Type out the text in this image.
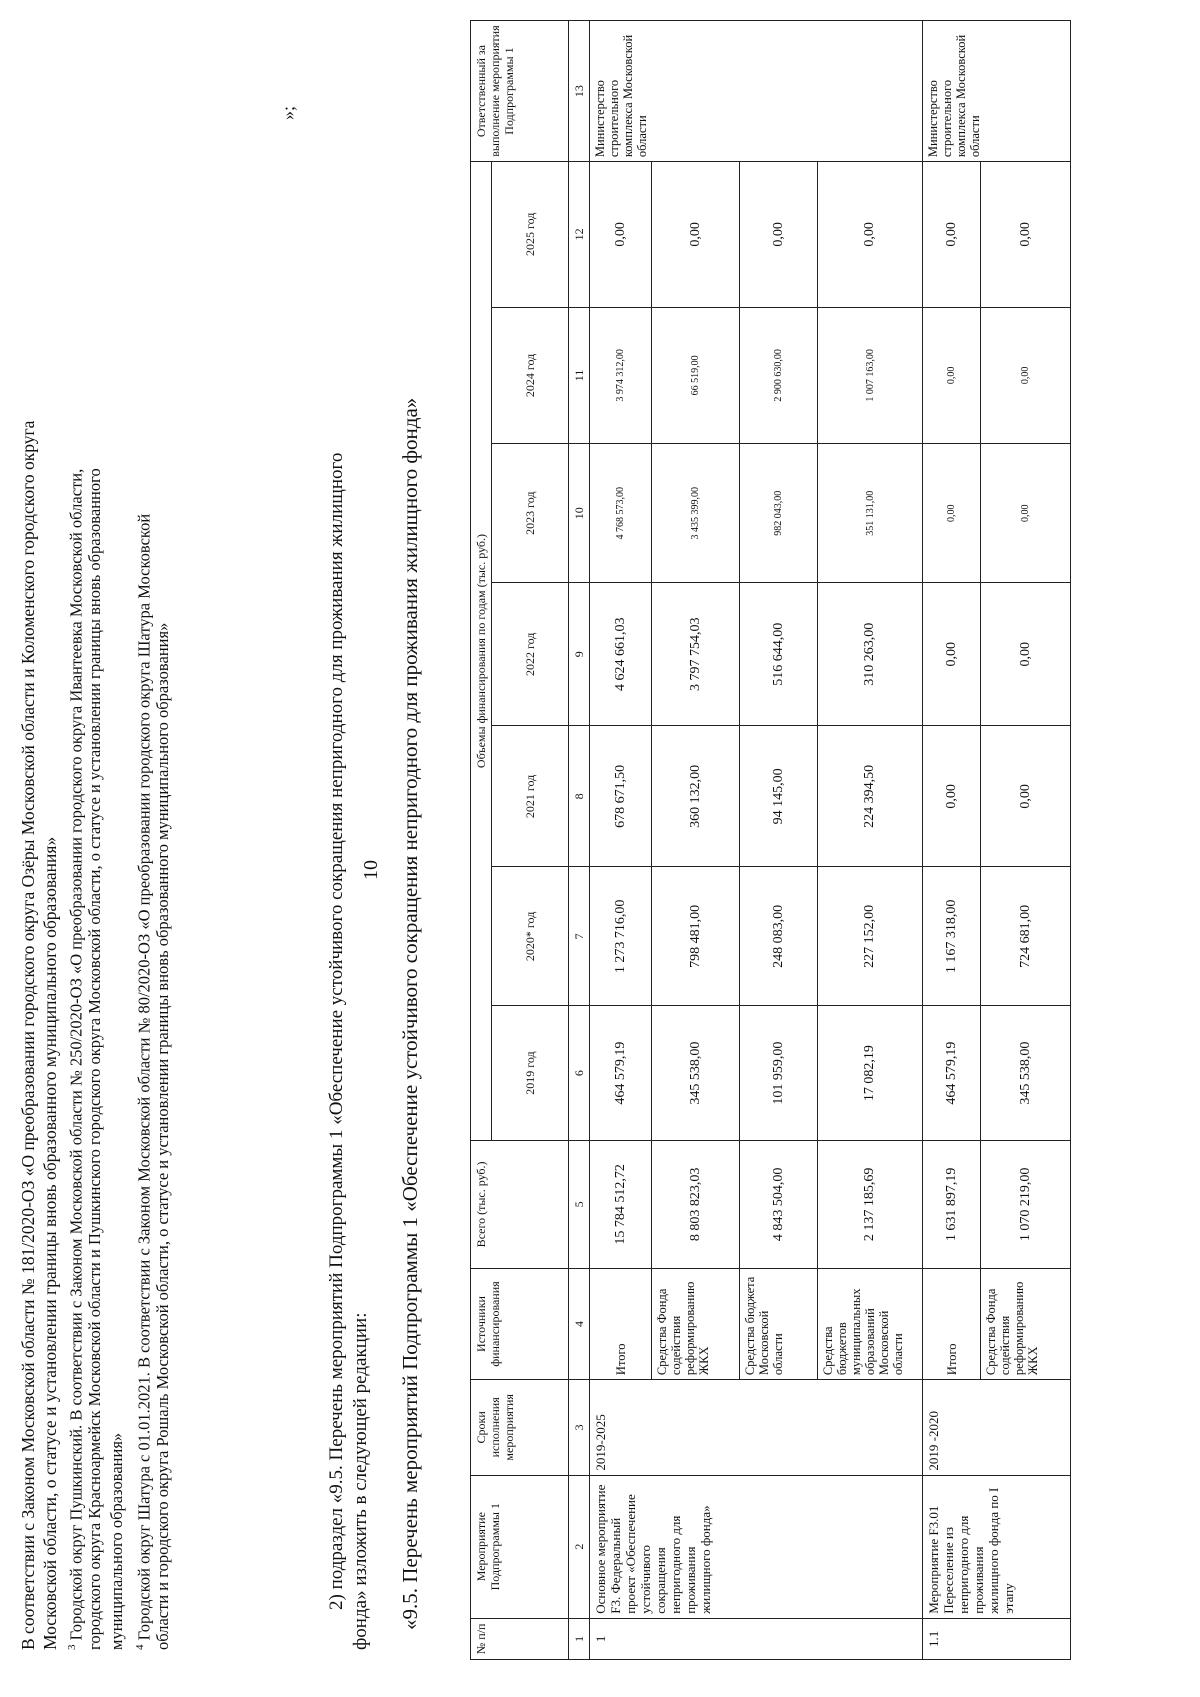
10
В соответствии с Законом Московской области № 181/2020-ОЗ «О преобразовании городского округа Озёры Московской области и Коломенского городского округа Московской области, о статусе и установлении границы вновь образованного муниципального образования» $^3$ Городской округ Пушкинский. В соответствии с Законом Московской области № 250/2020-ОЗ «О преобразовании городского округа Ивантеевка Московской области, городского округа Красноармейск Московской области и Пушкинского городского округа Московской области, о статусе и установлении границы вновь образованного муниципального образования» $^4$ Городской округ Шатура с 01.01.2021. В соответствии с Законом Московской области № 80/2020-ОЗ «О преобразовании городского округа Шатура Московской области и городского округа Рошаль Московской области, о статусе и установлении границы вновь образованного муниципального образования»
»;
2) подраздел «9.5. Перечень мероприятий Подпрограммы 1 «Обеспечение устойчивого сокращения непригодного для проживания жилищного фонда» изложить в следующей редакции: «9.5. Перечень мероприятий Подпрограммы 1 «Обеспечение устойчивого сокращения непригодного для проживания жилищного фонда»
№ п/п	Мероприятие Подпрограммы 1	Сроки исполнения мероприятия	Источники финансирования	Всего (тыс. руб.)	Объемы финансирования по годам (тыс. руб.)							Ответственный за выполнение мероприятия Подпрограммы 1
					2019 год	2020* год	2021 год	2022 год	2023 год	2024 год	2025 год	
1	2	3	4	5	6	7	8	9	10	11	12	13
1	Основное мероприятие F3. Федеральный проект «Обеспечение устойчивого сокращения непригодного для проживания жилищного фонда»	2019-2025	Итого	15 784 512,72	464 579,19	1 273 716,00	678 671,50	4 624 661,03	4 768 573,00	3 974 312,00	0,00	Министерство строительного комплекса Московской области
			Средства Фонда содействия реформированию ЖКХ	8 803 823,03	345 538,00	798 481,00	360 132,00	3 797 754,03	3 435 399,00	66 519,00	0,00	
			Средства бюджета Московской области	4 843 504,00	101 959,00	248 083,00	94 145,00	516 644,00	982 043,00	2 900 630,00	0,00	
			Средства бюджетов муниципальных образований Московской области	2 137 185,69	17 082,19	227 152,00	224 394,50	310 263,00	351 131,00	1 007 163,00	0,00	
1.1	Мероприятие F3.01 Переселение из непригодного для проживания жилищного фонда по I этапу	2019 -2020	Итого	1 631 897,19	464 579,19	1 167 318,00	0,00	0,00	0,00	0,00	0,00	Министерство строительного комплекса Московской области
			Средства Фонда содействия реформированию ЖКХ	1 070 219,00	345 538,00	724 681,00	0,00	0,00	0,00	0,00	0,00	
